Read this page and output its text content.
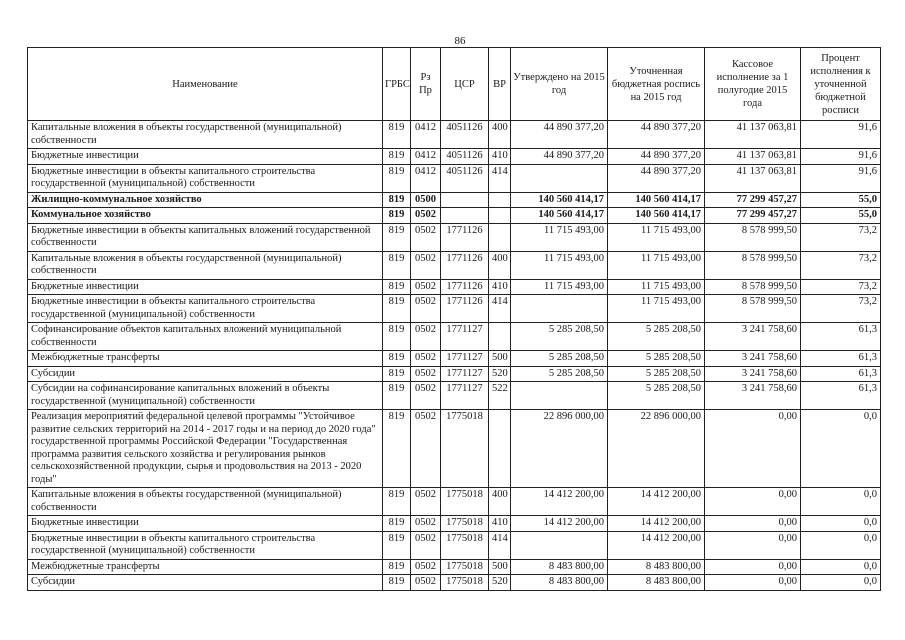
86
Наименование	ГРБС	Рз Пр	ЦСР	ВР	Утверждено на 2015 год	Уточненная бюджетная роспись на 2015 год	Кассовое исполнение за 1 полугодие 2015 года	Процент исполнения к уточненной бюджетной росписи
Капитальные вложения в объекты государственной (муниципальной) собственности	819	0412	4051126	400	44 890 377,20	44 890 377,20	41 137 063,81	91,6
Бюджетные инвестиции	819	0412	4051126	410	44 890 377,20	44 890 377,20	41 137 063,81	91,6
Бюджетные инвестиции в объекты капитального строительства государственной (муниципальной) собственности	819	0412	4051126	414		44 890 377,20	41 137 063,81	91,6
Жилищно-коммунальное хозяйство	819	0500			140 560 414,17	140 560 414,17	77 299 457,27	55,0
Коммунальное хозяйство	819	0502			140 560 414,17	140 560 414,17	77 299 457,27	55,0
Бюджетные инвестиции в объекты капитальных вложений государственной собственности	819	0502	1771126		11 715 493,00	11 715 493,00	8 578 999,50	73,2
Капитальные вложения в объекты государственной (муниципальной) собственности	819	0502	1771126	400	11 715 493,00	11 715 493,00	8 578 999,50	73,2
Бюджетные инвестиции	819	0502	1771126	410	11 715 493,00	11 715 493,00	8 578 999,50	73,2
Бюджетные инвестиции в объекты капитального строительства государственной (муниципальной) собственности	819	0502	1771126	414		11 715 493,00	8 578 999,50	73,2
Софинансирование объектов капитальных вложений муниципальной собственности	819	0502	1771127		5 285 208,50	5 285 208,50	3 241 758,60	61,3
Межбюджетные трансферты	819	0502	1771127	500	5 285 208,50	5 285 208,50	3 241 758,60	61,3
Субсидии	819	0502	1771127	520	5 285 208,50	5 285 208,50	3 241 758,60	61,3
Субсидии на софинансирование капитальных вложений в объекты государственной (муниципальной) собственности	819	0502	1771127	522		5 285 208,50	3 241 758,60	61,3
Реализация мероприятий федеральной целевой программы "Устойчивое развитие сельских территорий на 2014 - 2017 годы и на период до 2020 года" государственной программы Российской Федерации "Государственная программа развития сельского хозяйства и регулирования рынков сельскохозяйственной продукции, сырья и продовольствия на 2013 - 2020 годы"	819	0502	1775018		22 896 000,00	22 896 000,00	0,00	0,0
Капитальные вложения в объекты государственной (муниципальной) собственности	819	0502	1775018	400	14 412 200,00	14 412 200,00	0,00	0,0
Бюджетные инвестиции	819	0502	1775018	410	14 412 200,00	14 412 200,00	0,00	0,0
Бюджетные инвестиции в объекты капитального строительства государственной (муниципальной) собственности	819	0502	1775018	414		14 412 200,00	0,00	0,0
Межбюджетные трансферты	819	0502	1775018	500	8 483 800,00	8 483 800,00	0,00	0,0
Субсидии	819	0502	1775018	520	8 483 800,00	8 483 800,00	0,00	0,0
